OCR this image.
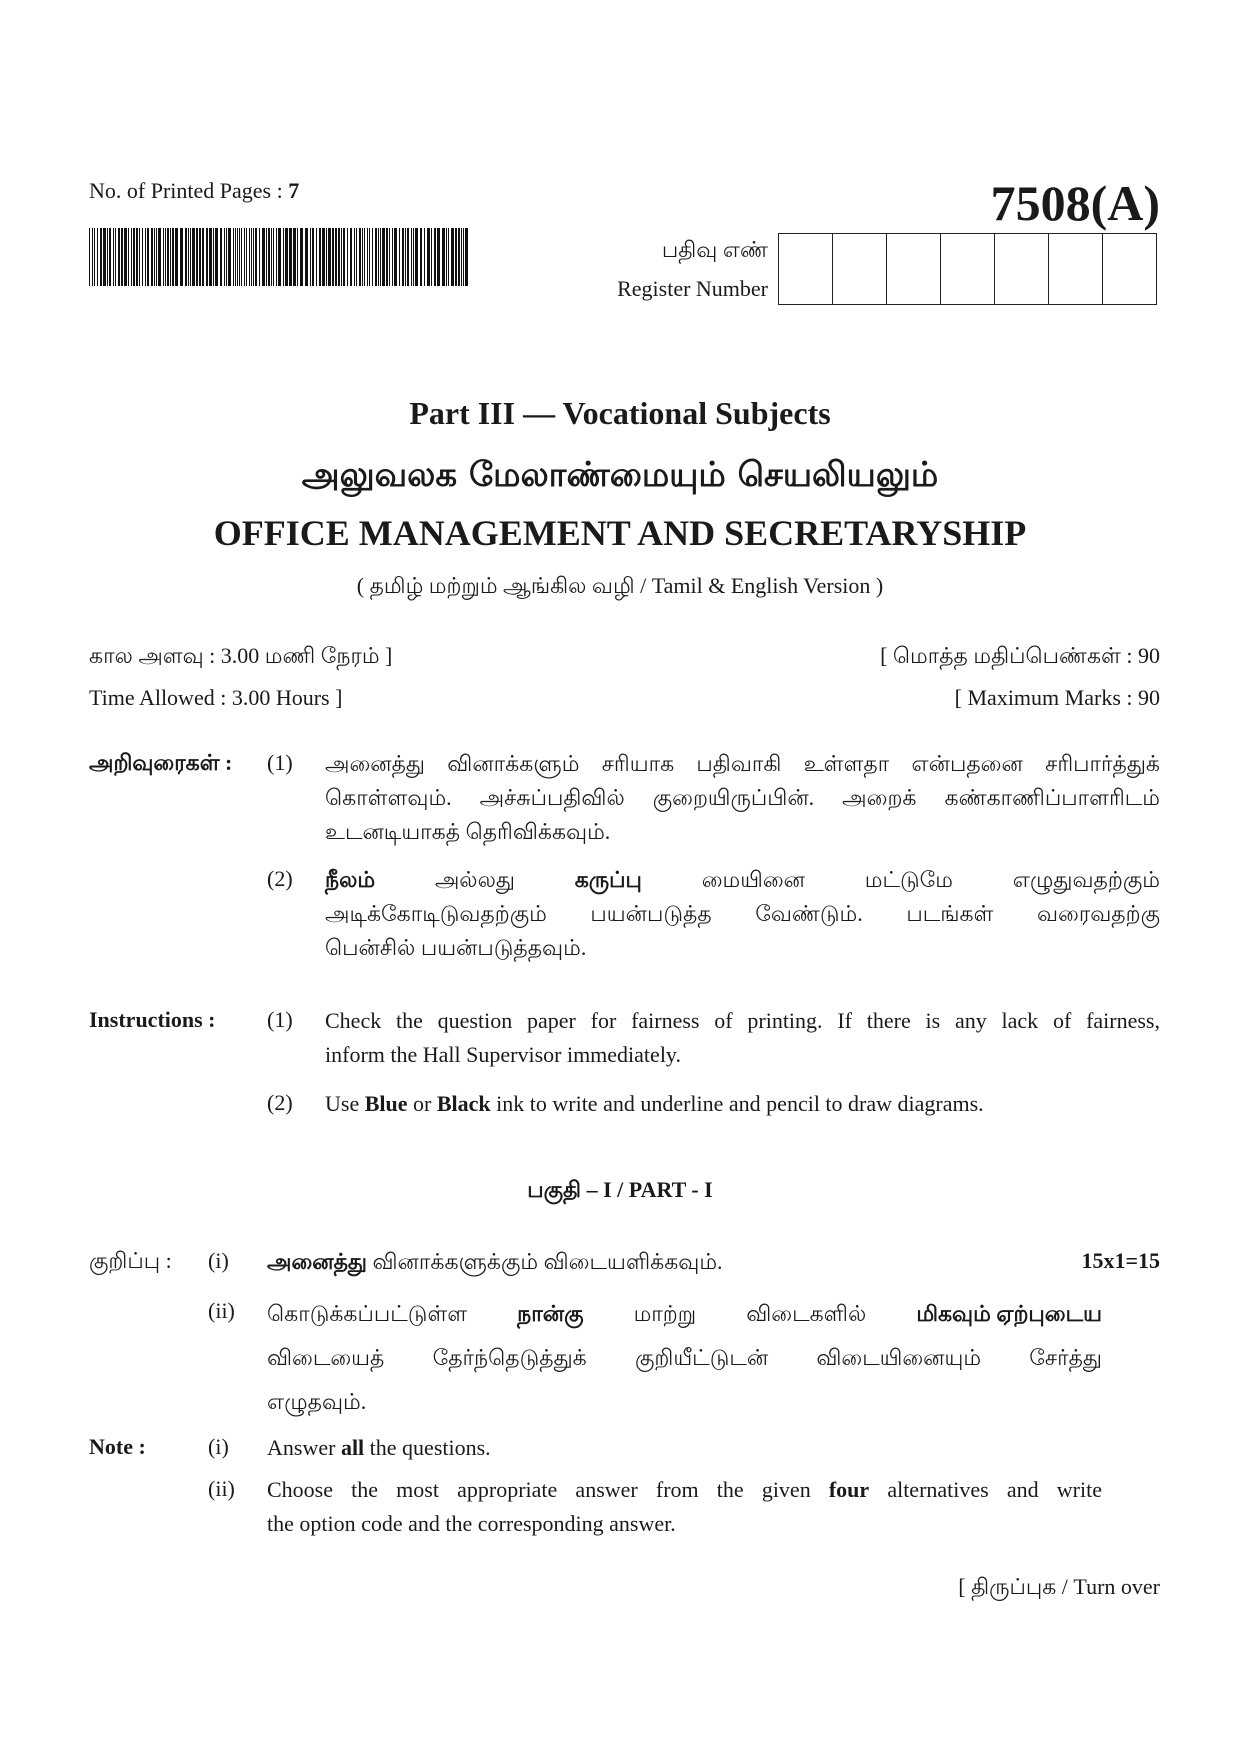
No. of Printed Pages : 7	7508(A)
பதிவு எண்
Register Number
Part III — Vocational Subjects
அலுவலக மேலாண்மையும் செயலியலும்
OFFICE MANAGEMENT AND SECRETARYSHIP
( தமிழ் மற்றும் ஆங்கில வழி / Tamil & English Version )
கால அளவு : 3.00 மணி நேரம் ]	[ மொத்த மதிப்பெண்கள் : 90
Time Allowed : 3.00 Hours ]	[ Maximum Marks : 90
அறிவுரைகள் : (1) அனைத்து வினாக்களும் சரியாக பதிவாகி உள்ளதா என்பதனை சரிபார்த்துக்
கொள்ளவும். அச்சுப்பதிவில் குறையிருப்பின். அறைக் கண்காணிப்பாளரிடம்
உடனடியாகத் தெரிவிக்கவும்.
(2) நீலம்	அல்லது	கருப்பு	மையினை	மட்டுமே	எழுதுவதற்கும்
அடிக்கோடிடுவதற்கும் பயன்படுத்த வேண்டும். படங்கள் வரைவதற்கு
பென்சில் பயன்படுத்தவும்.
Instructions : (1) Check the question paper for fairness of printing. If there is any lack of fairness,
inform the Hall Supervisor immediately.
(2) Use Blue or Black ink to write and underline and pencil to draw diagrams.
பகுதி – I / PART - I
குறிப்பு : (i) அனைத்து வினாக்களுக்கும் விடையளிக்கவும்.	15x1=15
(ii) கொடுக்கப்பட்டுள்ள நான்கு மாற்று விடைகளில் மிகவும் ஏற்புடைய
விடையைத் தேர்ந்தெடுத்துக் குறியீட்டுடன் விடையினையும் சேர்த்து
எழுதவும்.
Note :	(i) Answer all the questions.
(ii) Choose the most appropriate answer from the given four alternatives and write
the option code and the corresponding answer.
[ திருப்புக / Turn over
